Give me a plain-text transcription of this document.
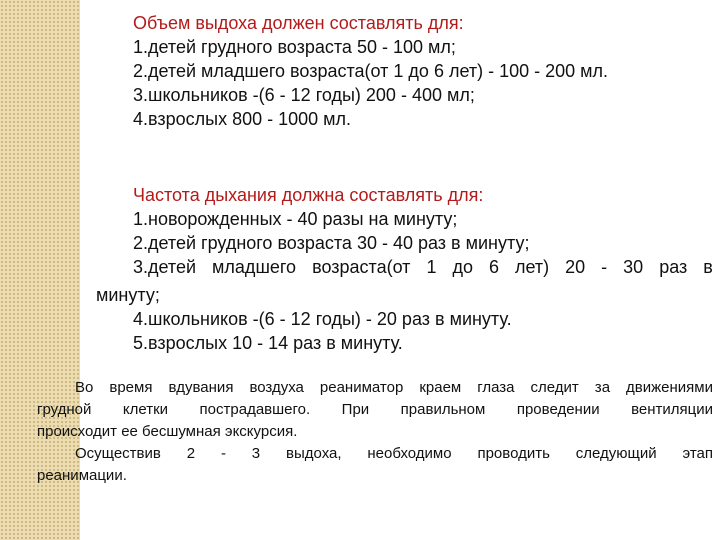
Объем выдоха должен составлять для:
1.детей грудного возраста 50 - 100 мл;
2.детей младшего возраста(от 1 до 6 лет) - 100 - 200 мл.
3.школьников -(6 - 12 годы) 200 - 400 мл;
4.взрослых 800 - 1000 мл.
Частота дыхания должна составлять для:
1.новорожденных - 40 разы на минуту;
2.детей грудного возраста 30 - 40 раз в минуту;
3.детей младшего возраста(от 1 до 6 лет) 20 - 30 раз в
минуту;
4.школьников -(6 - 12 годы) - 20 раз в минуту.
5.взрослых 10 - 14 раз в минуту.
Во время вдувания воздуха реаниматор краем глаза следит за движениями
грудной клетки пострадавшего. При правильном проведении вентиляции
происходит ее бесшумная экскурсия.
Осуществив 2 - 3 выдоха, необходимо проводить следующий этап
реанимации.
